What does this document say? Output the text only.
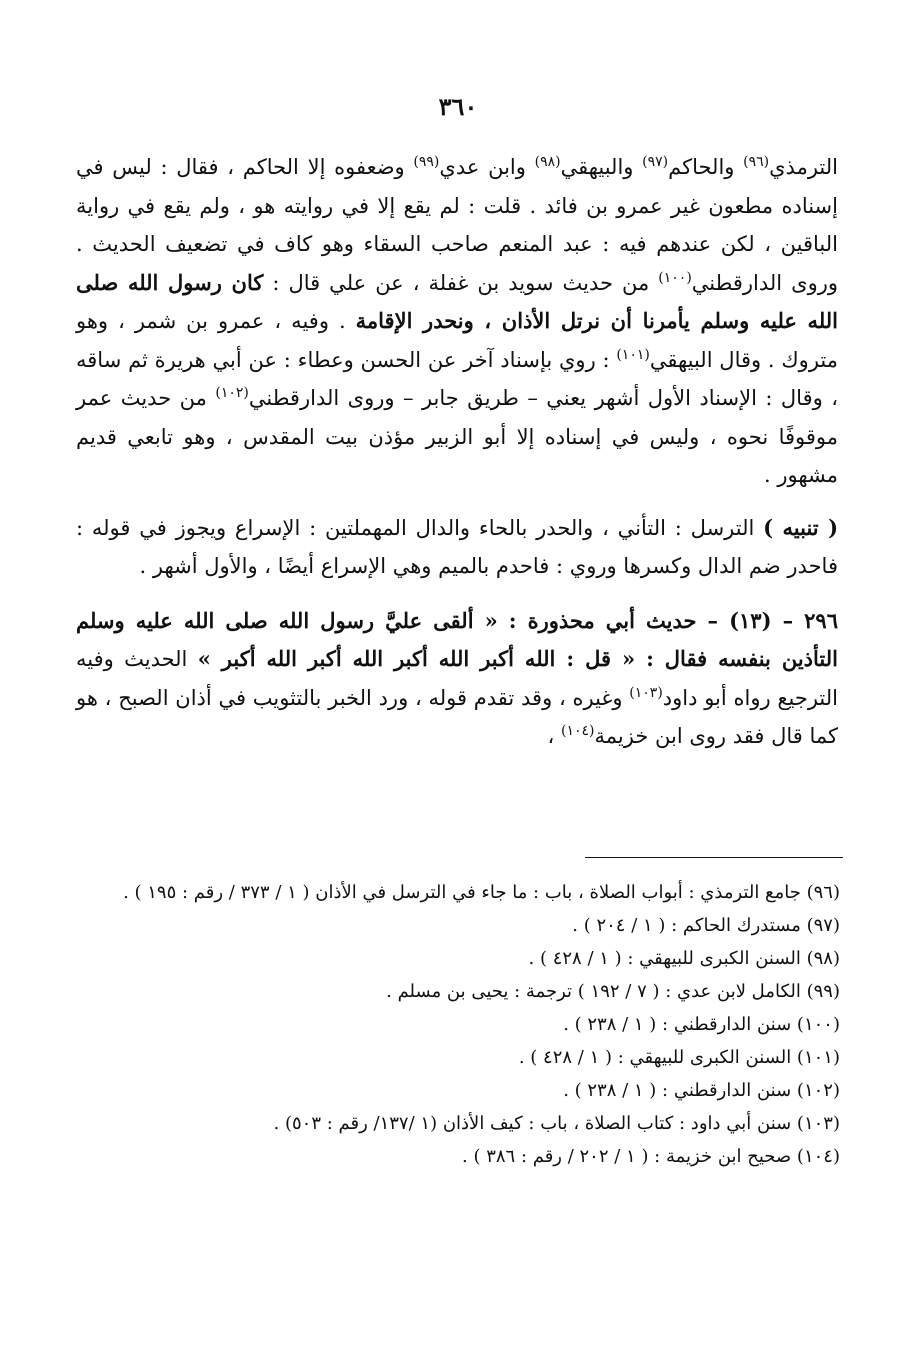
٣٦٠

الترمذي$^{(٩٦)}$ والحاكم$^{(٩٧)}$ والبيهقي$^{(٩٨)}$ وابن عدي$^{(٩٩)}$ وضعفوه إلا الحاكم ، فقال : ليس في إسناده مطعون غير عمرو بن فائد . قلت : لم يقع إلا في روايته هو ، ولم يقع في رواية الباقين ، لكن عندهم فيه : عبد المنعم صاحب السقاء وهو كاف في تضعيف الحديث . وروى الدارقطني$^{(١٠٠)}$ من حديث سويد بن غفلة ، عن علي قال : كان رسول الله صلى الله عليه وسلم يأمرنا أن نرتل الأذان ، ونحدر الإقامة . وفيه ، عمرو بن شمر ، وهو متروك . وقال البيهقي$^{(١٠١)}$ : روي بإسناد آخر عن الحسن وعطاء : عن أبي هريرة ثم ساقه ، وقال : الإسناد الأول أشهر يعني – طريق جابر – وروى الدارقطني$^{(١٠٢)}$ من حديث عمر موقوفًا نحوه ، وليس في إسناده إلا أبو الزبير مؤذن بيت المقدس ، وهو تابعي قديم مشهور .

( تنبيه ) الترسل : التأني ، والحدر بالحاء والدال المهملتين : الإسراع ويجوز في قوله : فاحدر ضم الدال وكسرها وروي : فاحدم بالميم وهي الإسراع أيضًا ، والأول أشهر .

٢٩٦ – (١٣) – حديث أبي محذورة : « ألقى عليَّ رسول الله صلى الله عليه وسلم التأذين بنفسه فقال : « قل : الله أكبر الله أكبر الله أكبر الله أكبر » الحديث وفيه الترجيع رواه أبو داود$^{(١٠٣)}$ وغيره ، وقد تقدم قوله ، ورد الخبر بالتثويب في أذان الصبح ، هو كما قال فقد روى ابن خزيمة$^{(١٠٤)}$ ،

(٩٦) جامع الترمذي : أبواب الصلاة ، باب : ما جاء في الترسل في الأذان ( ١ / ٣٧٣ / رقم : ١٩٥ ) .

(٩٧) مستدرك الحاكم : ( ١ / ٢٠٤ ) .

(٩٨) السنن الكبرى للبيهقي : ( ١ / ٤٢٨ ) .

(٩٩) الكامل لابن عدي : ( ٧ / ١٩٢ ) ترجمة : يحيى بن مسلم .

(١٠٠) سنن الدارقطني : ( ١ / ٢٣٨ ) .

(١٠١) السنن الكبرى للبيهقي : ( ١ / ٤٢٨ ) .

(١٠٢) سنن الدارقطني : ( ١ / ٢٣٨ ) .

(١٠٣) سنن أبي داود : كتاب الصلاة ، باب : كيف الأذان (١ /١٣٧/ رقم : ٥٠٣) .

(١٠٤) صحيح ابن خزيمة : ( ١ / ٢٠٢ / رقم : ٣٨٦ ) .
